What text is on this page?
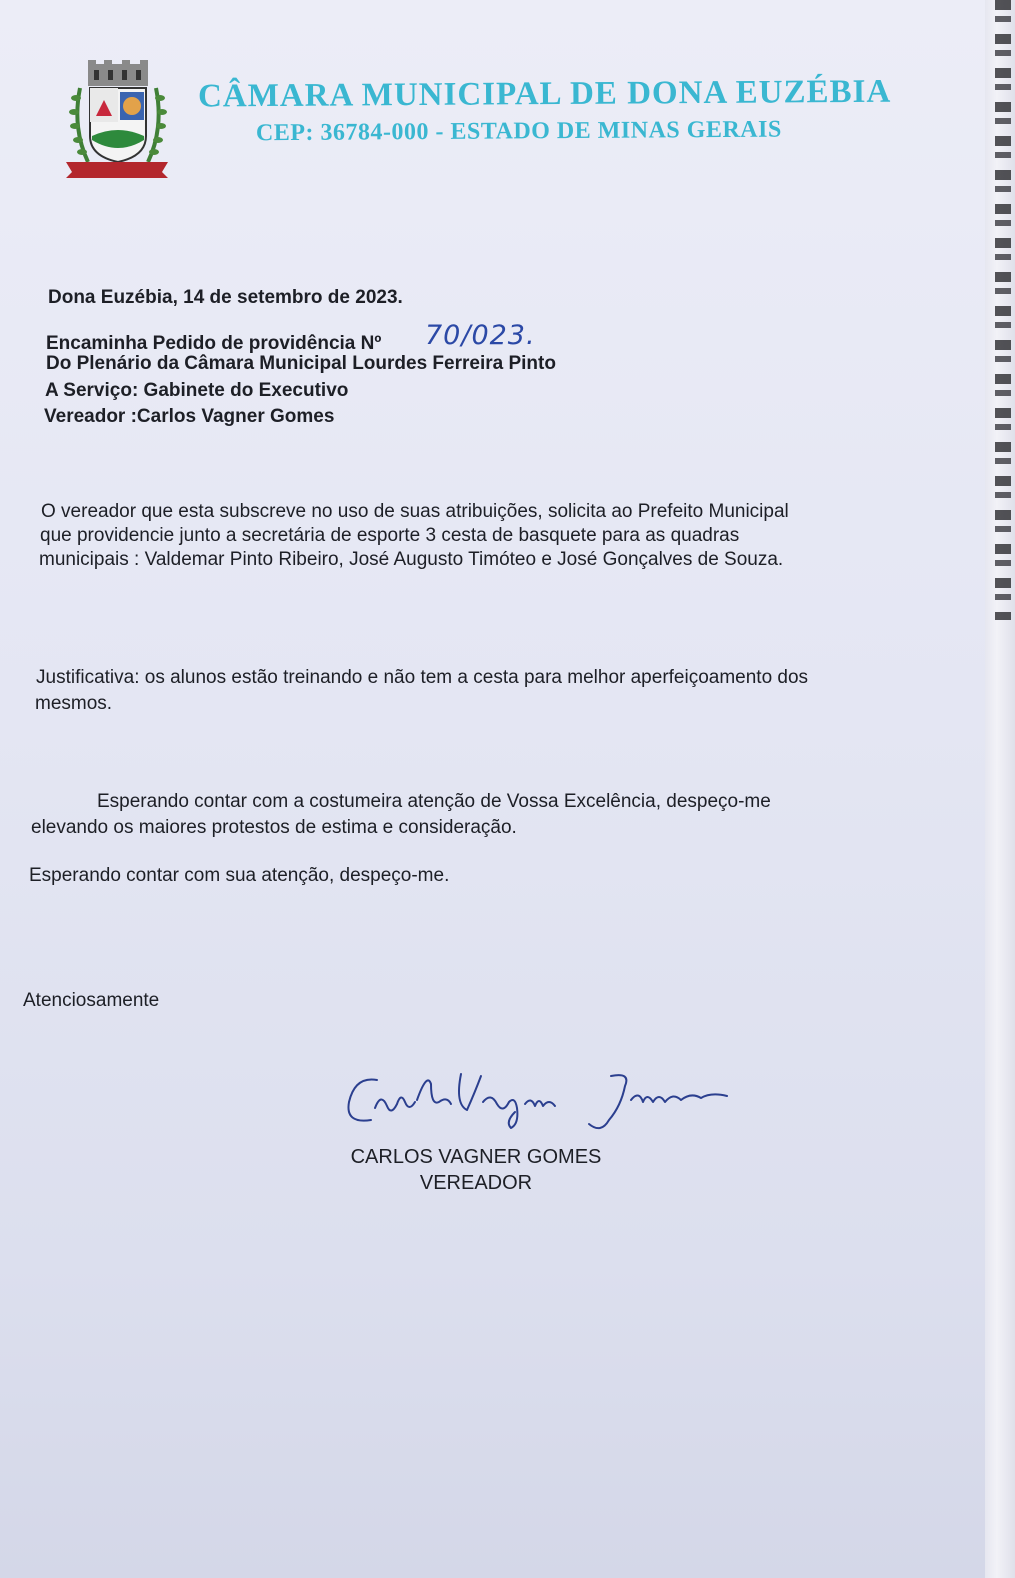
CÂMARA MUNICIPAL DE DONA EUZÉBIA
CEP: 36784-000 - ESTADO DE MINAS GERAIS
Dona Euzébia, 14 de setembro de 2023.
Encaminha Pedido de providência Nº 70/023.
Do Plenário da Câmara Municipal Lourdes Ferreira Pinto
A Serviço: Gabinete do Executivo
Vereador :Carlos Vagner Gomes
O vereador que esta subscreve no uso de suas atribuições, solicita ao Prefeito Municipal
que providencie junto a secretária de esporte 3 cesta de basquete para as quadras
municipais : Valdemar Pinto Ribeiro, José Augusto Timóteo e José Gonçalves de Souza.
Justificativa: os alunos estão treinando e não tem a cesta para melhor aperfeiçoamento dos
mesmos.
Esperando contar com a costumeira atenção de Vossa Excelência, despeço-me
elevando os maiores protestos de estima e consideração.
Esperando contar com sua atenção, despeço-me.
Atenciosamente
CARLOS VAGNER GOMES
VEREADOR
